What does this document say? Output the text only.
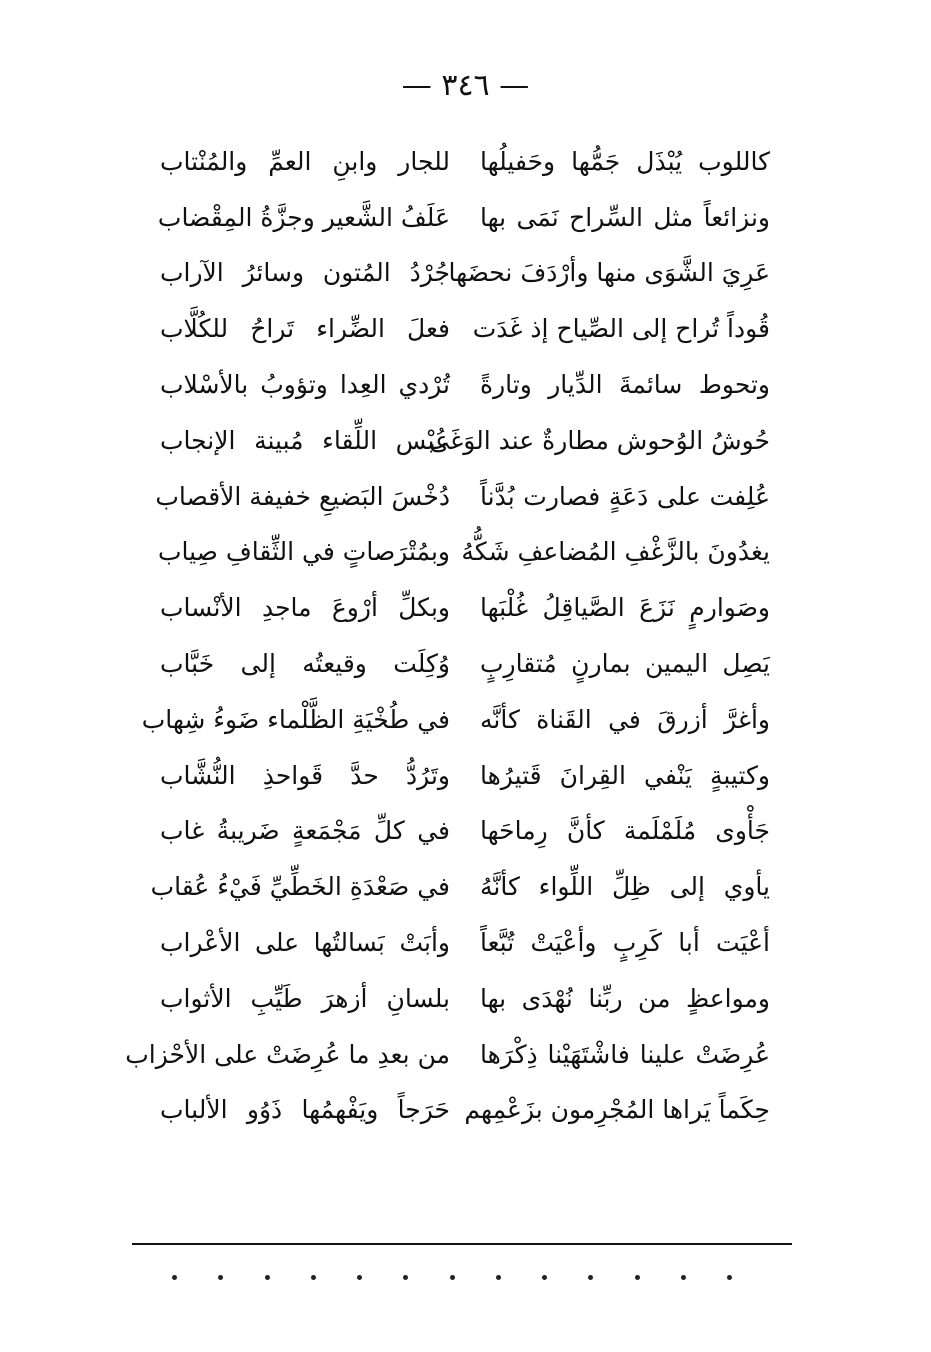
— ٣٤٦ —
كاللوب يُبْذَل جَمُّها وحَفيلُها
للجار وابنِ العمِّ والمُنْتاب
ونزائعاً مثل السِّراح نَمَى بها
عَلَفُ الشَّعير وجزَّةُ المِقْضاب
عَرِيَ الشَّوَى منها وأرْدَفَ نحضَها
جُرْدُ المُتون وسائرُ الآراب
قُوداً تُراح إلى الصِّياح إذ غَدَت
فعلَ الضِّراء تَراحُ للكُلَّاب
وتحوط سائمةَ الدِّيار وتارةً
تُرْدي العِدا وتؤوبُ بالأسْلاب
حُوشُ الوُحوش مطارةٌ عند الوَغَى
عُبْس اللِّقاء مُبينة الإنجاب
عُلِفت على دَعَةٍ فصارت بُدَّناً
دُخْسَ البَضيعِ خفيفة الأقصاب
يغدُونَ بالزَّغْفِ المُضاعفِ شَكُّهُ
وبمُتْرَصاتٍ في الثِّقافِ صِياب
وصَوارمٍ نَزَعَ الصَّياقِلُ غُلْبَها
وبكلِّ أرْوعَ ماجدِ الأنْساب
يَصِل اليمين بمارنٍ مُتقارِبٍ
وُكِلَت وقيعتُه إلى خَبَّاب
وأغرَّ أزرقَ في القَناة كأنَّه
في طُخْيَةِ الظَّلْماء ضَوءُ شِهاب
وكتيبةٍ يَنْفي القِرانَ قَتيرُها
وتَرُدُّ حدَّ قَواحذِ النُّشَّاب
جَأْوى مُلَمْلَمة كأنَّ رِماحَها
في كلِّ مَجْمَعةٍ ضَريبةُ غاب
يأوي إلى ظِلِّ اللِّواء كأنَّهُ
في صَعْدَةِ الخَطِّيِّ فَيْءُ عُقاب
أعْيَت أبا كَرِبٍ وأعْيَتْ تُبَّعاً
وأبَتْ بَسالتُها على الأعْراب
ومواعظٍ من ربِّنا نُهْدَى بها
بلسانِ أزهرَ طَيِّبِ الأثواب
عُرِضَتْ علينا فاشْتَهَيْنا ذِكْرَها
من بعدِ ما عُرِضَتْ على الأحْزاب
حِكَماً يَراها المُجْرِمون بزَعْمِهم
حَرَجاً ويَفْهمُها ذَوُو الألباب
